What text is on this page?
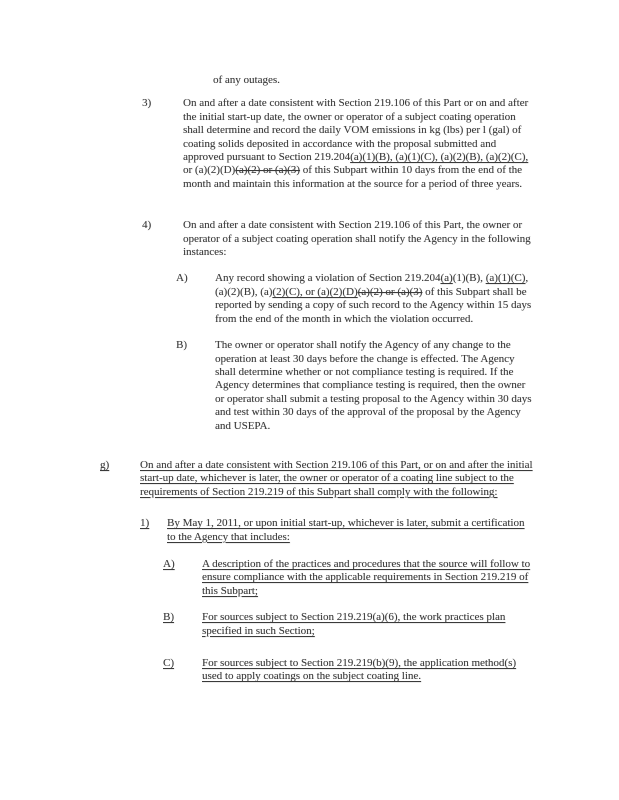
of any outages.
3)	On and after a date consistent with Section 219.106 of this Part or on and after the initial start-up date, the owner or operator of a subject coating operation shall determine and record the daily VOM emissions in kg (lbs) per l (gal) of coating solids deposited in accordance with the proposal submitted and approved pursuant to Section 219.204(a)(1)(B), (a)(1)(C), (a)(2)(B), (a)(2)(C), or (a)(2)(D)(a)(2) or (a)(3) of this Subpart within 10 days from the end of the month and maintain this information at the source for a period of three years.
4)	On and after a date consistent with Section 219.106 of this Part, the owner or operator of a subject coating operation shall notify the Agency in the following instances:
A)	Any record showing a violation of Section 219.204(a)(1)(B), (a)(1)(C), (a)(2)(B), (a)(2)(C), or (a)(2)(D)(a)(2) or (a)(3) of this Subpart shall be reported by sending a copy of such record to the Agency within 15 days from the end of the month in which the violation occurred.
B)	The owner or operator shall notify the Agency of any change to the operation at least 30 days before the change is effected. The Agency shall determine whether or not compliance testing is required. If the Agency determines that compliance testing is required, then the owner or operator shall submit a testing proposal to the Agency within 30 days and test within 30 days of the approval of the proposal by the Agency and USEPA.
g)	On and after a date consistent with Section 219.106 of this Part, or on and after the initial start-up date, whichever is later, the owner or operator of a coating line subject to the requirements of Section 219.219 of this Subpart shall comply with the following:
1)	By May 1, 2011, or upon initial start-up, whichever is later, submit a certification to the Agency that includes:
A)	A description of the practices and procedures that the source will follow to ensure compliance with the applicable requirements in Section 219.219 of this Subpart;
B)	For sources subject to Section 219.219(a)(6), the work practices plan specified in such Section;
C)	For sources subject to Section 219.219(b)(9), the application method(s) used to apply coatings on the subject coating line.
